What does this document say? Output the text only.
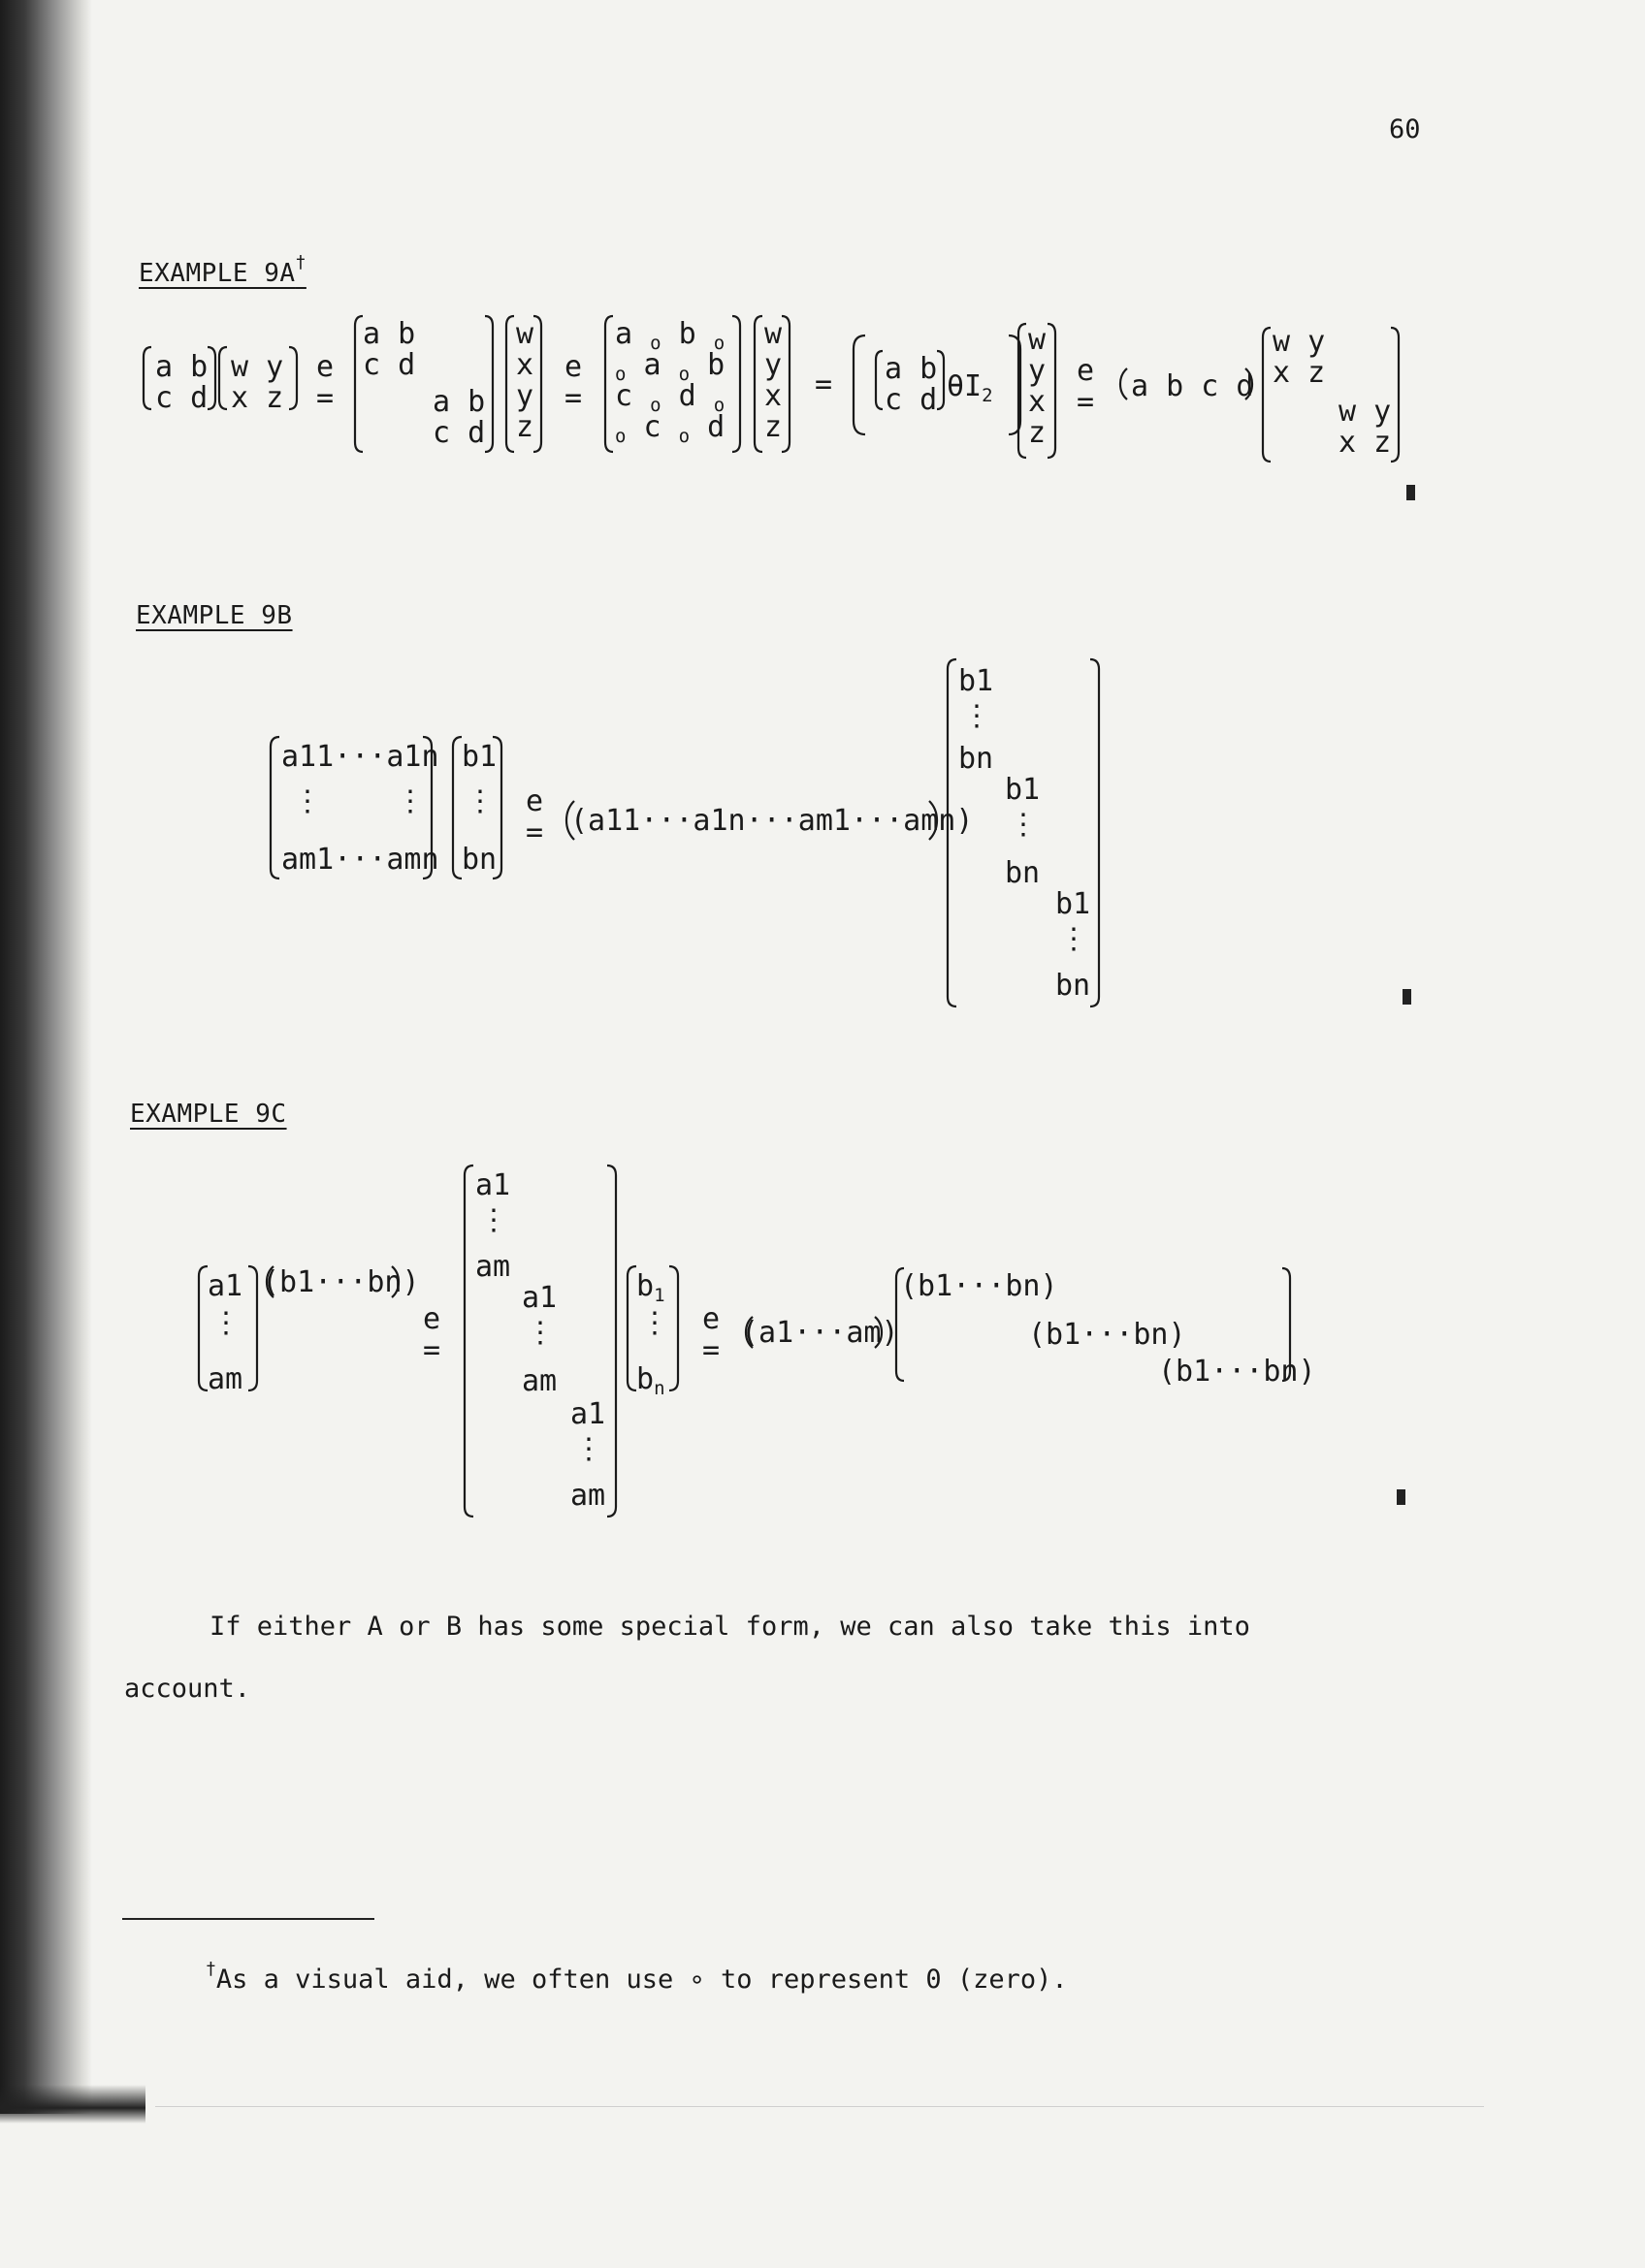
60
EXAMPLE 9A†
a b
c d
w y
x z
e
=
a b
c d
a b
c d
w
x
y
z
e
=
a $_o$ b $_o$
$_o$ a $_o$ b
c $_o$ d $_o$
$_o$ c $_o$ d
w
y
x
z
= a b
c d $\theta I_2$
w
y
x
z
e
= a b c d
w y
x z
w y
x z
EXAMPLE 9B
a11···a1n
⋮	⋮
am1···amn
b1
⋮
bn
e
= (a11···a1n···am1···amn)
b1
⋮
bn
b1
⋮
bn
b1
⋮
bn
EXAMPLE 9C
a1
⋮
am
(b1···bn)
e
=
a1
⋮
am
a1
⋮
am
a1
⋮
am
$b_1$
⋮
$b_n$
e
=
(a1···am)
(b1···bn)
(b1···bn)
(b1···bn)
If either A or B has some special form, we can also take this into
account.
†As a visual aid, we often use ∘ to represent 0 (zero).
